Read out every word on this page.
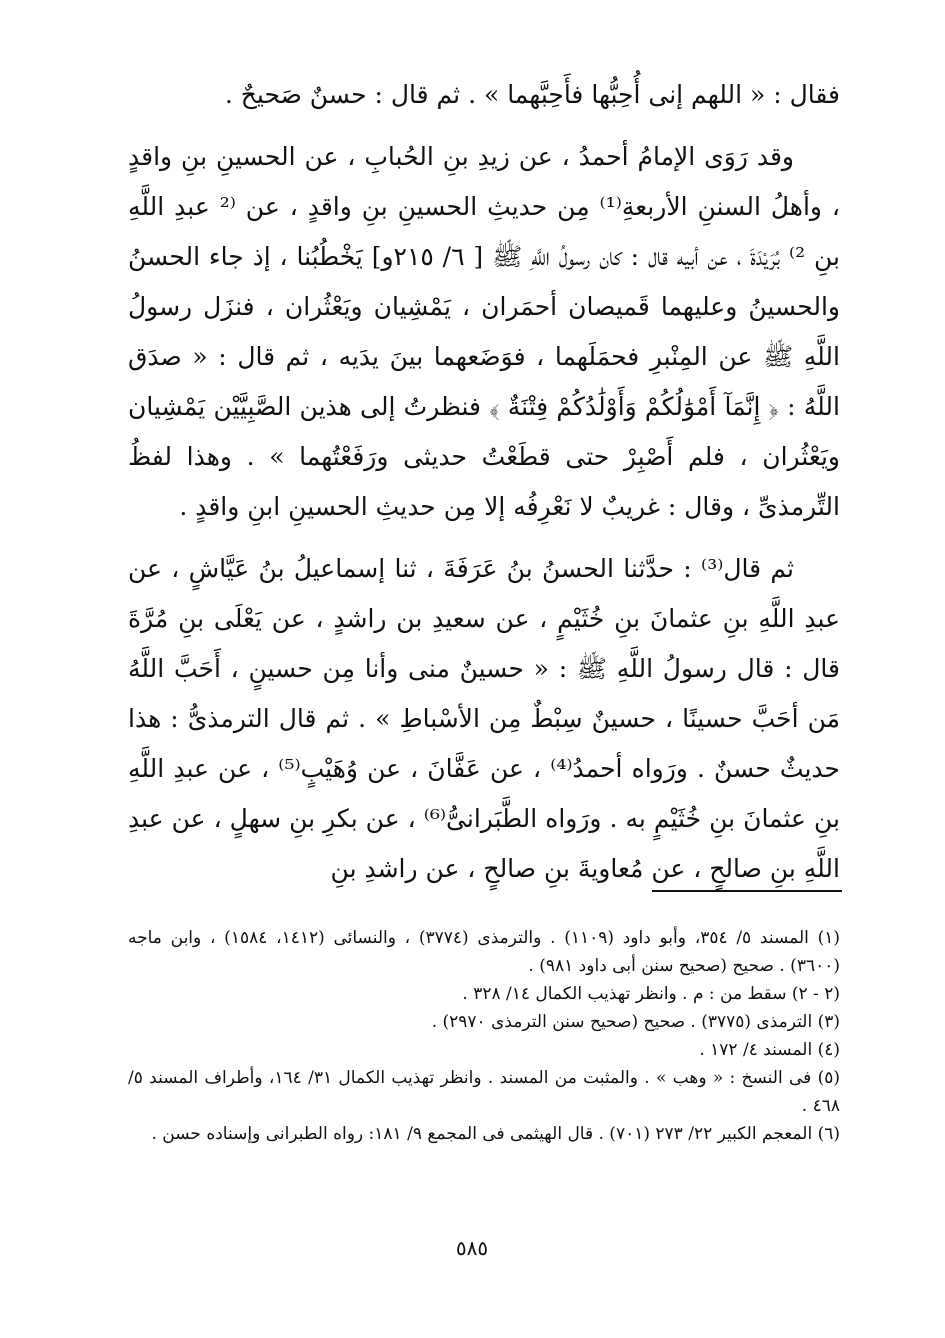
فقال : « اللهم إنى أُحِبُّها فأَحِبَّهما » . ثم قال : حسنٌ صَحيحٌ .

وقد رَوَى الإمامُ أحمدُ ، عن زيدِ بنِ الحُبابِ ، عن الحسينِ بنِ واقدٍ ، وأهلُ السننِ الأربعةِ⁽¹⁾ مِن حديثِ الحسينِ بنِ واقدٍ ، عن ⁽² عبدِ اللَّهِ بنِ ²⁾ بُرَيْدَةَ ، عن أبيه قال : كان رسولُ اللَّهِ ﷺ [ ٦/ ٢١٥و] يَخْطُبُنا ، إذ جاء الحسنُ والحسينُ وعليهما قَميصان أحمَران ، يَمْشِيان ويَعْثُران ، فنزَل رسولُ اللَّهِ ﷺ عن المِنْبرِ فحمَلَهما ، فوَضَعهما بينَ يدَيه ، ثم قال : « صدَق اللَّهُ : ﴿ إِنَّمَآ أَمْوَٰلُكُمْ وَأَوْلَٰدُكُمْ فِتْنَةٌ ﴾ فنظرتُ إلى هذين الصَّبِيَّيْن يَمْشِيان ويَعْثُران ، فلم أَصْبِرْ حتى قطَعْتُ حديثى ورَفَعْتُهما » . وهذا لفظُ التِّرمذىِّ ، وقال : غريبٌ لا نَعْرِفُه إلا مِن حديثِ الحسينِ ابنِ واقدٍ .

ثم قال⁽³⁾ : حدَّثنا الحسنُ بنُ عَرَفَةَ ، ثنا إسماعيلُ بنُ عَيَّاشٍ ، عن عبدِ اللَّهِ بنِ عثمانَ بنِ خُثَيْمٍ ، عن سعيدِ بن راشدٍ ، عن يَعْلَى بنِ مُرَّةَ قال : قال رسولُ اللَّهِ ﷺ : « حسينٌ منى وأنا مِن حسينٍ ، أَحَبَّ اللَّهُ مَن أحَبَّ حسينًا ، حسينٌ سِبْطٌ مِن الأسْباطِ » . ثم قال الترمذىُّ : هذا حديثٌ حسنٌ . ورَواه أحمدُ⁽⁴⁾ ، عن عَفَّانَ ، عن وُهَيْبٍ⁽⁵⁾ ، عن عبدِ اللَّهِ بنِ عثمانَ بنِ خُثَيْمٍ به . ورَواه الطَّبَرانىُّ⁽⁶⁾ ، عن بكرِ بنِ سهلٍ ، عن عبدِ اللَّهِ بنِ صالحٍ ، عن مُعاويةَ بنِ صالحٍ ، عن راشدِ بنِ

(١) المسند ٥/ ٣٥٤، وأبو داود (١١٠٩) . والترمذى (٣٧٧٤) ، والنسائى (١٤١٢، ١٥٨٤) ، وابن ماجه (٣٦٠٠) . صحيح (صحيح سنن أبى داود ٩٨١) .

(٢ - ٢) سقط من : م . وانظر تهذيب الكمال ١٤/ ٣٢٨ .

(٣) الترمذى (٣٧٧٥) . صحيح (صحيح سنن الترمذى ٢٩٧٠) .

(٤) المسند ٤/ ١٧٢ .

(٥) فى النسخ : « وهب » . والمثبت من المسند . وانظر تهذيب الكمال ٣١/ ١٦٤، وأطراف المسند ٥/ ٤٦٨ .

(٦) المعجم الكبير ٢٢/ ٢٧٣ (٧٠١) . قال الهيثمى فى المجمع ٩/ ١٨١: رواه الطبرانى وإسناده حسن .

٥٨٥
